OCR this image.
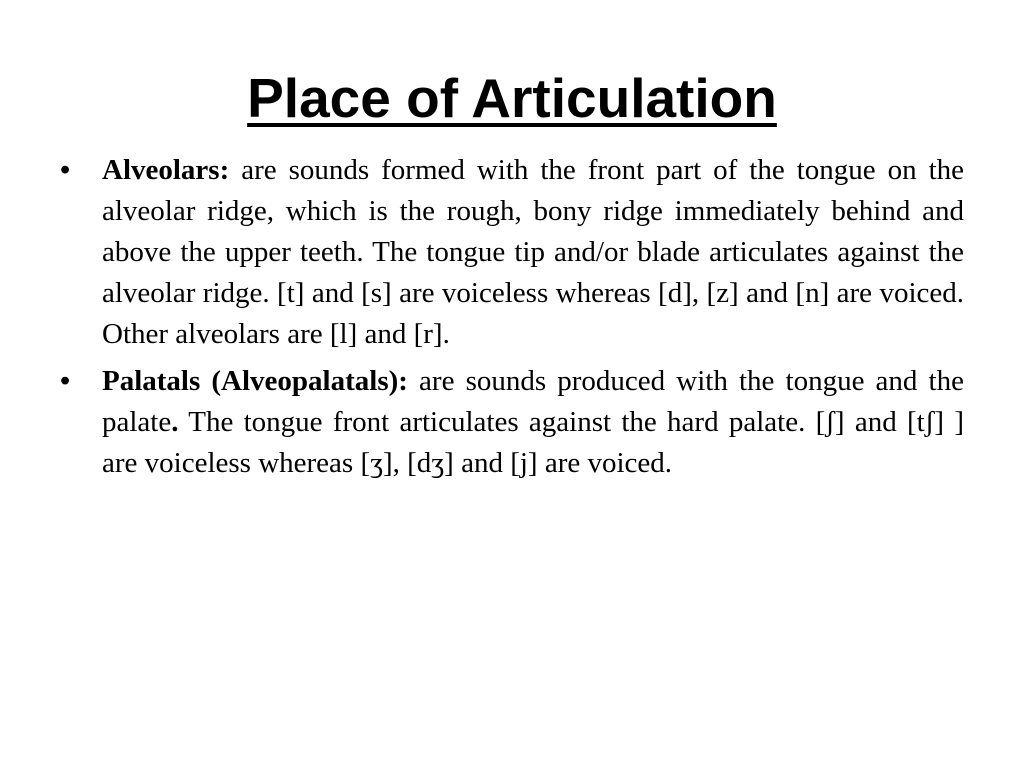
Place of Articulation
• Alveolars: are sounds formed with the front part of the tongue on the alveolar ridge, which is the rough, bony ridge immediately behind and above the upper teeth. The tongue tip and/or blade articulates against the alveolar ridge. [t] and [s] are voiceless whereas [d], [z] and [n] are voiced. Other alveolars are [l] and [r].
• Palatals (Alveopalatals): are sounds produced with the tongue and the palate. The tongue front articulates against the hard palate. [ʃ] and [tʃ] ] are voiceless whereas [ʒ], [dʒ] and [j] are voiced.
